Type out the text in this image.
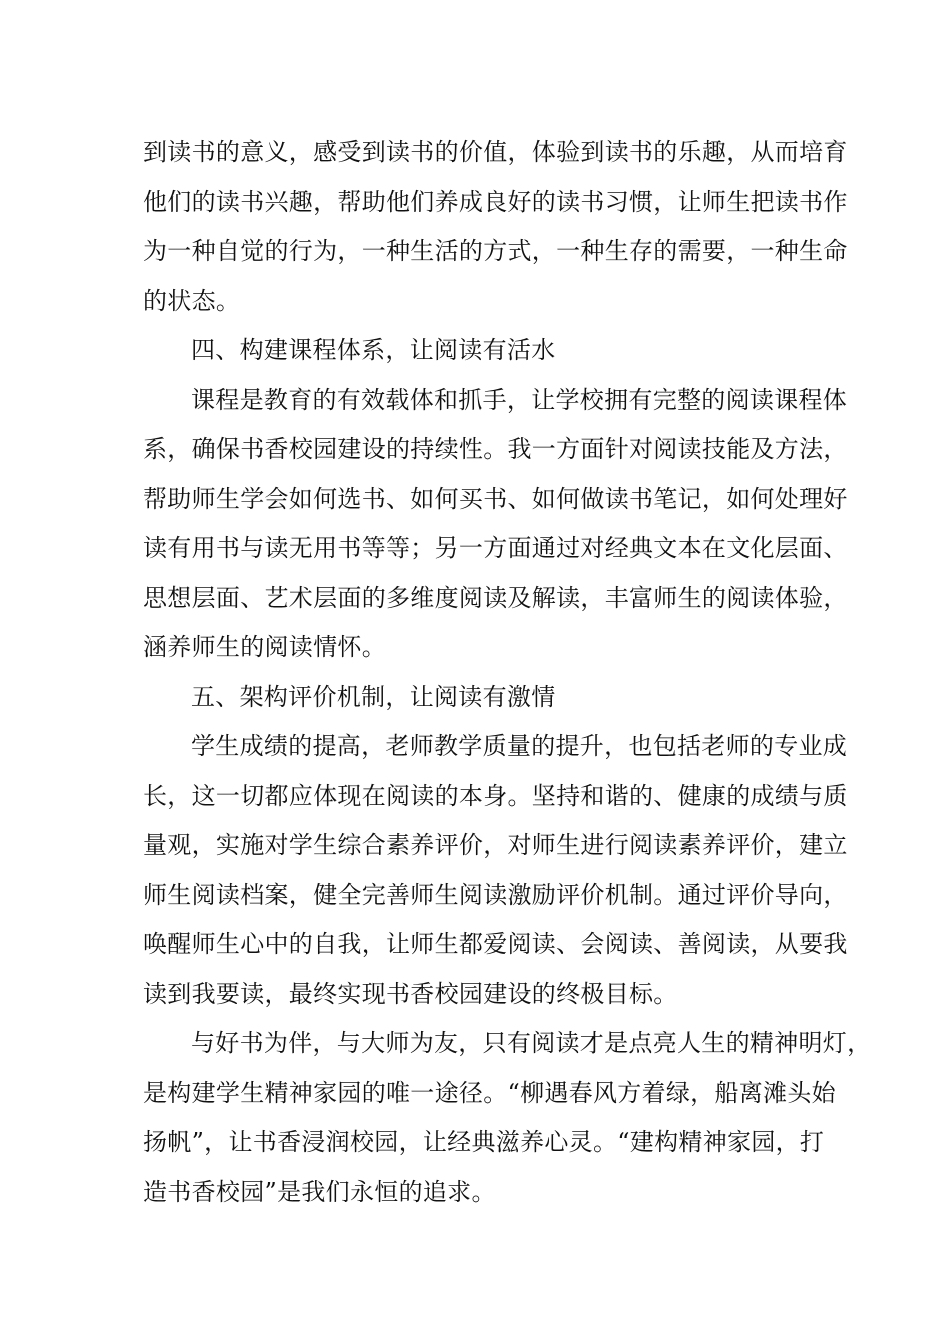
到读书的意义，感受到读书的价值，体验到读书的乐趣，从而培育
他们的读书兴趣，帮助他们养成良好的读书习惯，让师生把读书作
为一种自觉的行为，一种生活的方式，一种生存的需要，一种生命
的状态。
四、构建课程体系，让阅读有活水
课程是教育的有效载体和抓手，让学校拥有完整的阅读课程体
系，确保书香校园建设的持续性。我一方面针对阅读技能及方法，
帮助师生学会如何选书、如何买书、如何做读书笔记，如何处理好
读有用书与读无用书等等；另一方面通过对经典文本在文化层面、
思想层面、艺术层面的多维度阅读及解读，丰富师生的阅读体验，
涵养师生的阅读情怀。
五、架构评价机制，让阅读有激情
学生成绩的提高，老师教学质量的提升，也包括老师的专业成
长，这一切都应体现在阅读的本身。坚持和谐的、健康的成绩与质
量观，实施对学生综合素养评价，对师生进行阅读素养评价，建立
师生阅读档案，健全完善师生阅读激励评价机制。通过评价导向，
唤醒师生心中的自我，让师生都爱阅读、会阅读、善阅读，从要我
读到我要读，最终实现书香校园建设的终极目标。
与好书为伴，与大师为友，只有阅读才是点亮人生的精神明灯，
是构建学生精神家园的唯一途径。“柳遇春风方着绿，船离滩头始
扬帆”，让书香浸润校园，让经典滋养心灵。“建构精神家园，打
造书香校园”是我们永恒的追求。
